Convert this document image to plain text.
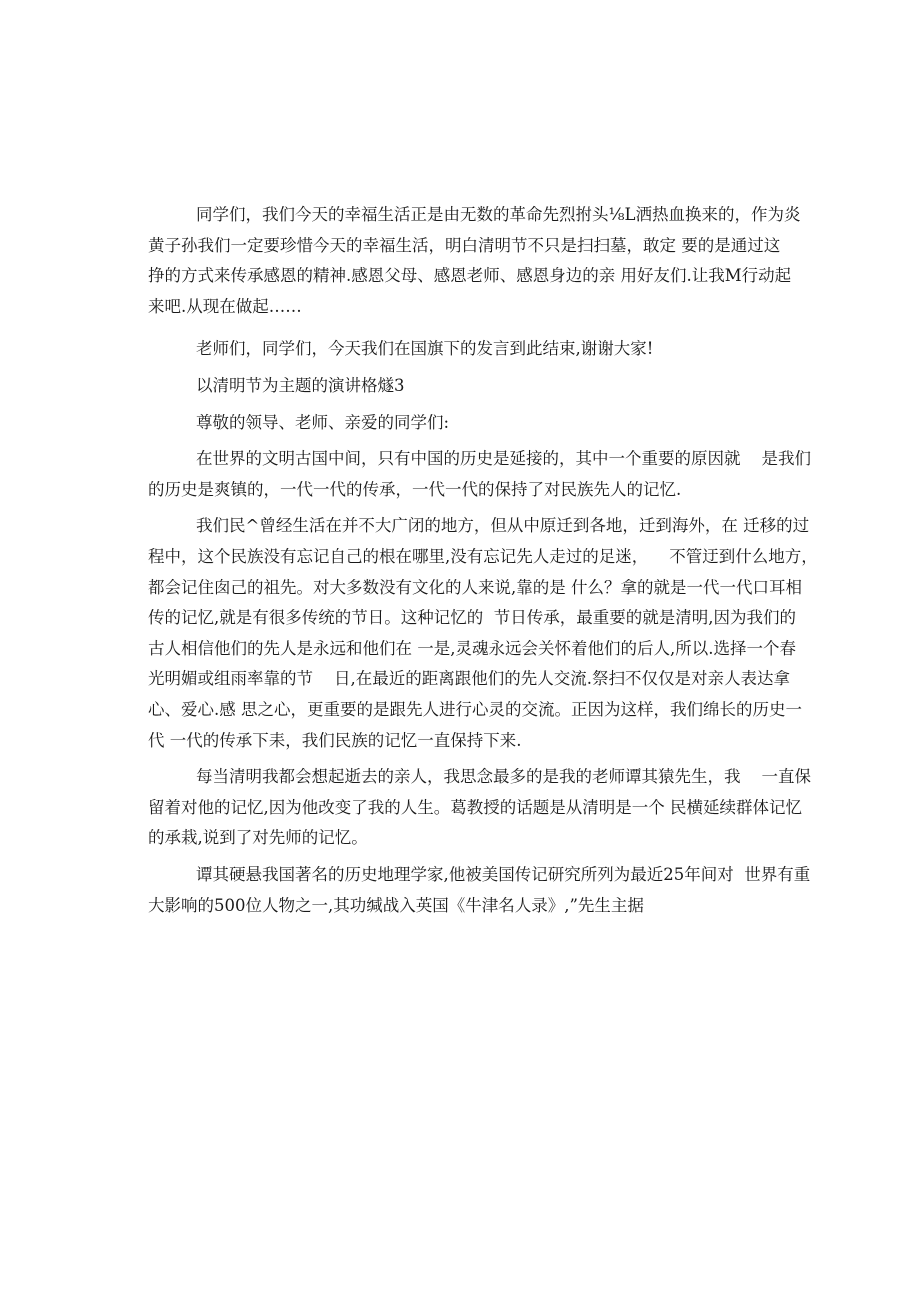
同学们，我们今天的幸福生活正是由无数的革命先烈拊头⅛L洒热血换来的，作为炎
黄子孙我们一定要珍惜今天的幸福生活，明白清明节不只是扫扫墓，敢定 要的是通过这
挣的方式来传承感恩的精神.感恩父母、感恩老师、感恩身边的亲 用好友们.让我M行动起
来吧.从现在做起……
老师们，同学们，今天我们在国旗下的发言到此结束,谢谢大家!
以清明节为主题的演讲格燧3
尊敬的领导、老师、亲爱的同学们:
在世界的文明古国中间，只有中国的历史是延接的，其中一个重要的原因就    是我们
的历史是爽镇的，一代一代的传承，一代一代的保持了对民族先人的记忆.
我们民^曾经生活在并不大广闭的地方，但从中原迁到各地，迁到海外，在 迁移的过
程中，这个民族没有忘记自己的根在哪里,没有忘记先人走过的足迷，    不管迂到什么地方，
都会记住囱己的祖先。对大多数没有文化的人来说,靠的是 什么？拿的就是一代一代口耳相
传的记忆,就是有很多传统的节日。这种记忆的  节日传承，最重要的就是清明,因为我们的
古人相信他们的先人是永远和他们在 一是,灵魂永远会关怀着他们的后人,所以.选择一个春
光明媚或组雨率靠的节    日,在最近的距离跟他们的先人交流.祭扫不仅仅是对亲人表达拿
心、爱心.感 思之心，更重要的是跟先人进行心灵的交流。正因为这样，我们绵长的历史一
代 一代的传承下耒，我们民族的记忆一直保持下来.
每当清明我都会想起逝去的亲人，我思念最多的是我的老师谭其猿先生，我    一直保
留着对他的记忆,因为他改变了我的人生。葛教授的话题是从清明是一个 民横延续群体记忆
的承栽,说到了对先师的记忆。
谭其硬悬我国著名的历史地理学家,他被美国传记研究所列为最近25年间对  世界有重
大影响的500位人物之一,其功缄战入英国《牛津名人录》,”先生主据
